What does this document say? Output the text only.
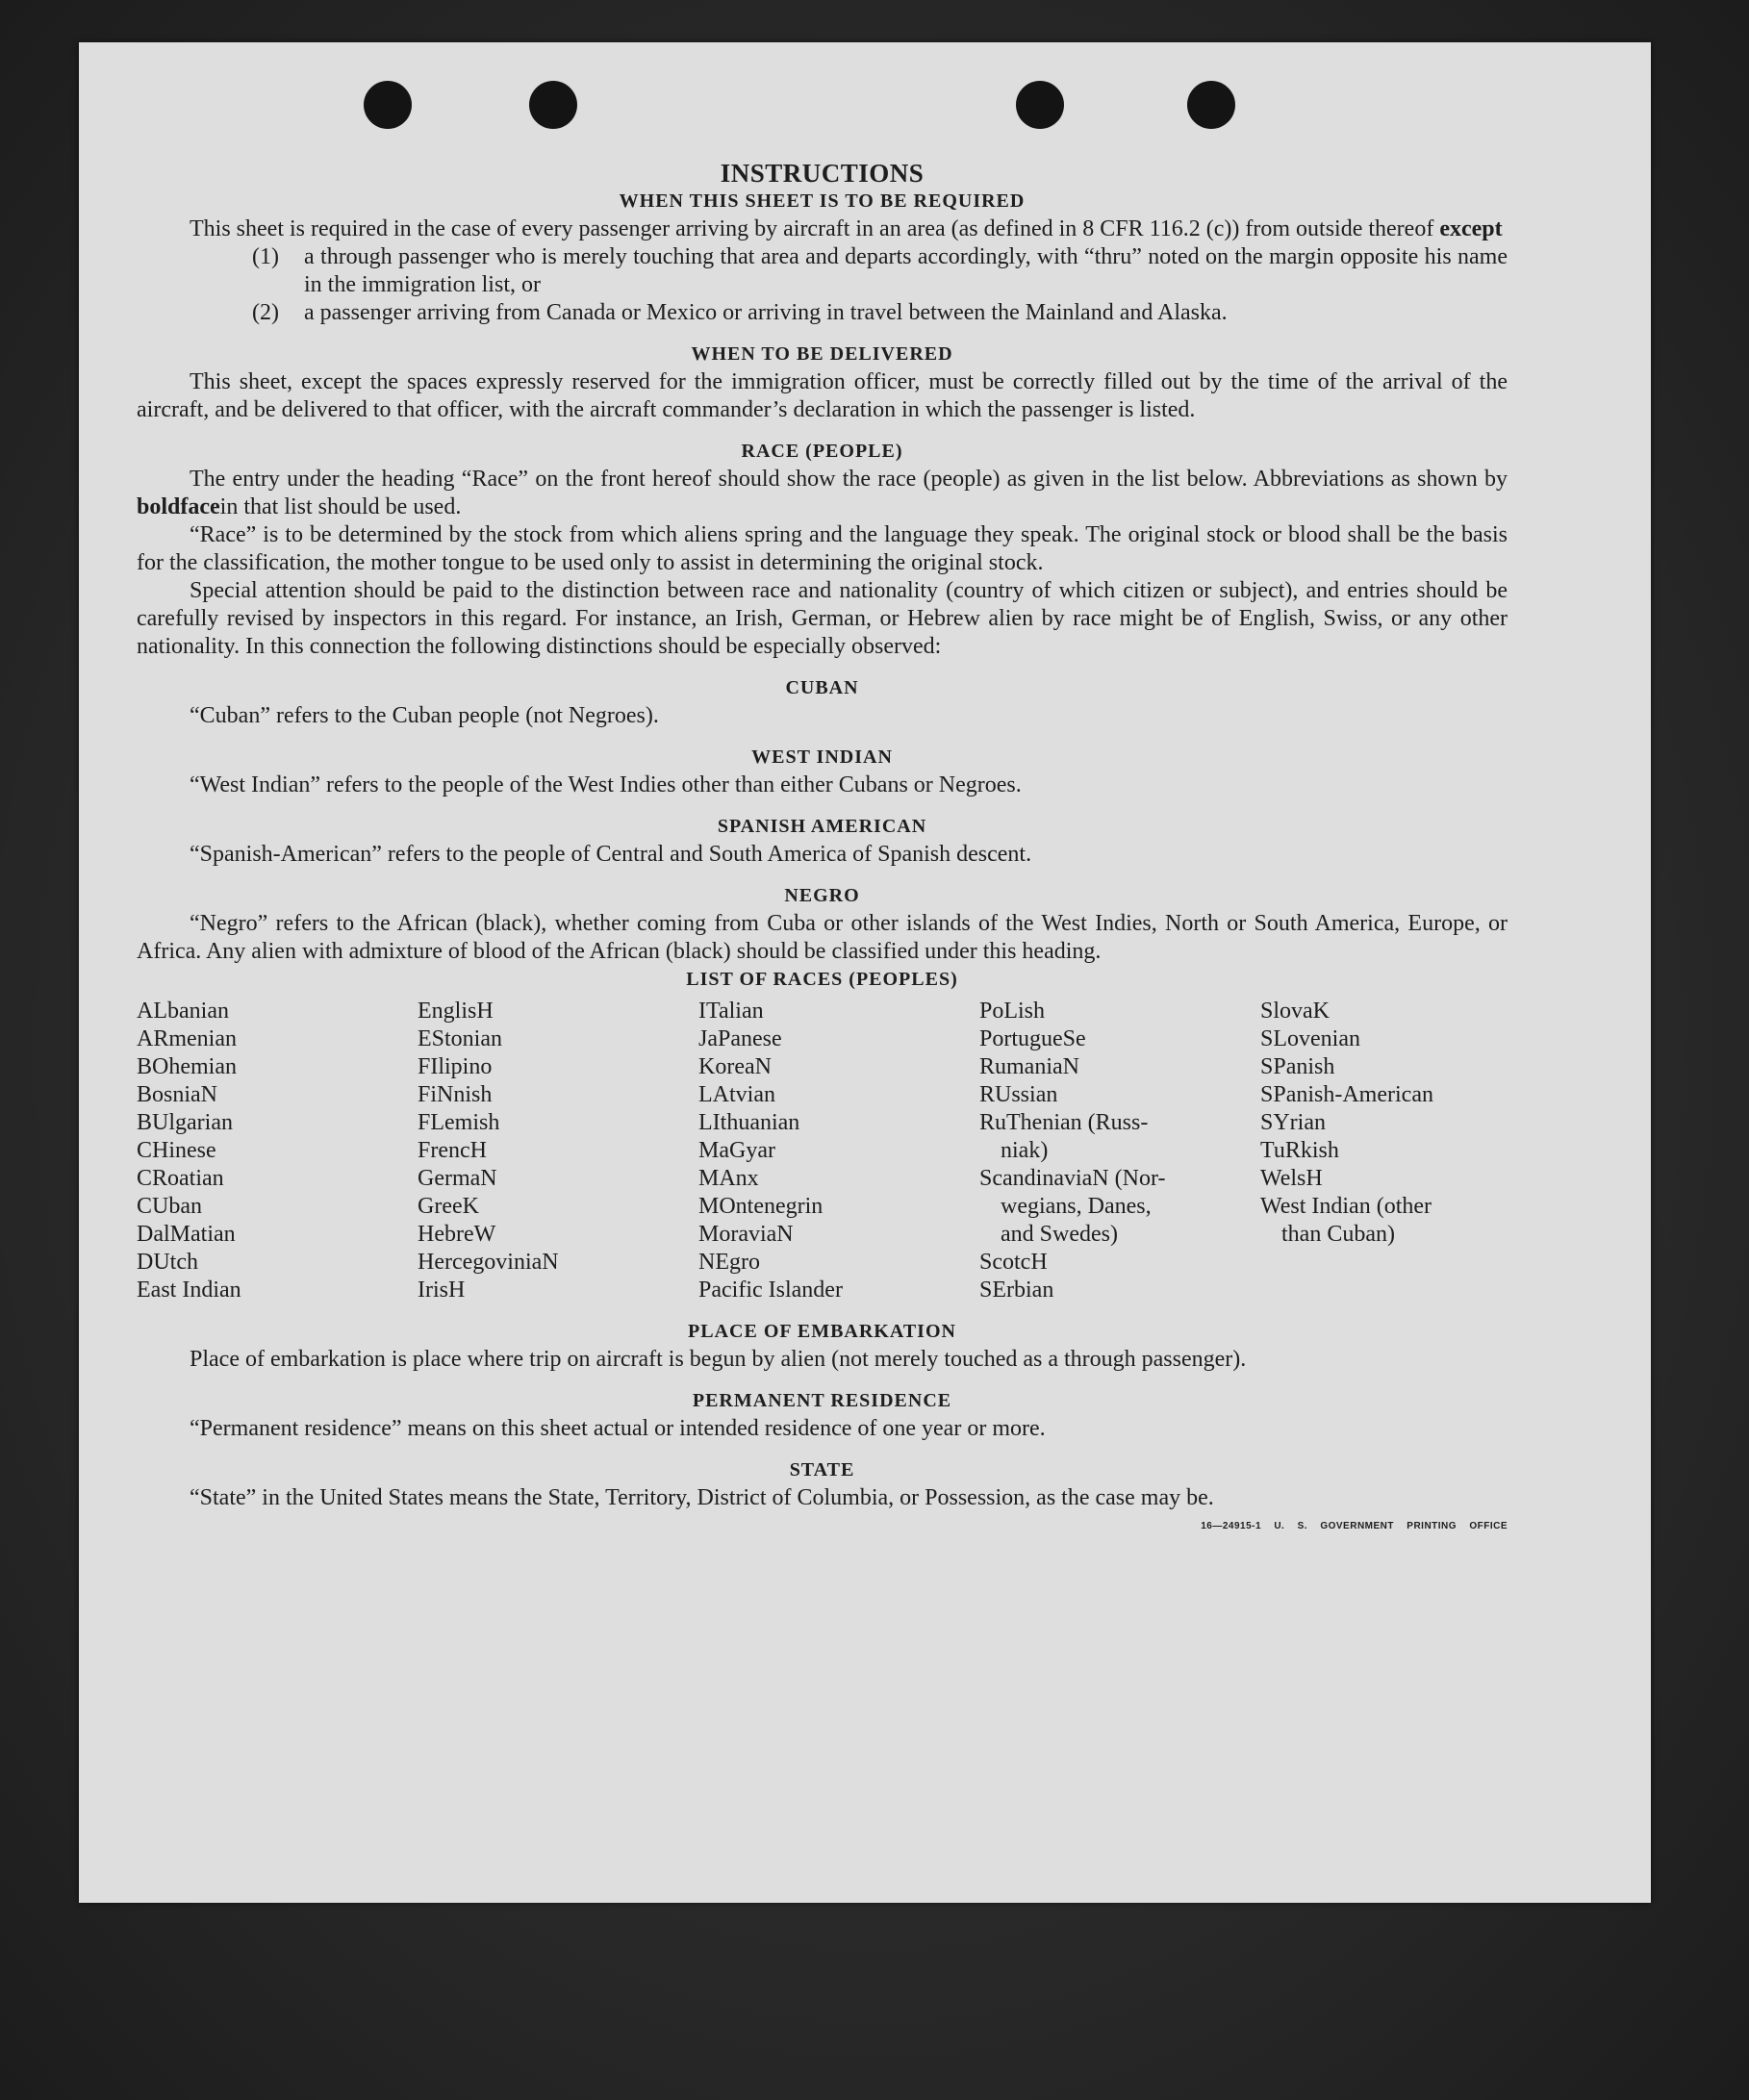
INSTRUCTIONS

WHEN THIS SHEET IS TO BE REQUIRED

This sheet is required in the case of every passenger arriving by aircraft in an area (as defined in 8 CFR 116.2 (c)) from outside thereof except

(1)	a through passenger who is merely touching that area and departs accordingly, with “thru” noted on the margin opposite his name in the immigration list, or
(2)	a passenger arriving from Canada or Mexico or arriving in travel between the Mainland and Alaska.

WHEN TO BE DELIVERED

This sheet, except the spaces expressly reserved for the immigration officer, must be correctly filled out by the time of the arrival of the aircraft, and be delivered to that officer, with the aircraft commander’s declaration in which the passenger is listed.

RACE (PEOPLE)

The entry under the heading “Race” on the front hereof should show the race (people) as given in the list below. Abbreviations as shown by boldfacein that list should be used.

“Race” is to be determined by the stock from which aliens spring and the language they speak. The original stock or blood shall be the basis for the classification, the mother tongue to be used only to assist in determining the original stock.

Special attention should be paid to the distinction between race and nationality (country of which citizen or subject), and entries should be carefully revised by inspectors in this regard. For instance, an Irish, German, or Hebrew alien by race might be of English, Swiss, or any other nationality. In this connection the following distinctions should be especially observed:

CUBAN

“Cuban” refers to the Cuban people (not Negroes).

WEST INDIAN

“West Indian” refers to the people of the West Indies other than either Cubans or Negroes.

SPANISH AMERICAN

“Spanish-American” refers to the people of Central and South America of Spanish descent.

NEGRO

“Negro” refers to the African (black), whether coming from Cuba or other islands of the West Indies, North or South America, Europe, or Africa. Any alien with admixture of blood of the African (black) should be classified under this heading.

LIST OF RACES (PEOPLES)

ALbanian
ARmenian
BOhemian
BosniaN
BUlgarian
CHinese
CRoatian
CUban
DalMatian
DUtch
East Indian
EnglisH
EStonian
FIlipino
FiNnish
FLemish
FrencH
GermaN
GreeK
HebreW
HercegoviniaN
IrisH
ITalian
JaPanese
KoreaN
LAtvian
LIthuanian
MaGyar
MAnx
MOntenegrin
MoraviaN
NEgro
Pacific Islander
PoLish
PortugueSe
RumaniaN
RUssian
RuThenian (Russ-
niak)
ScandinaviaN (Nor-
wegians, Danes,
and Swedes)
ScotcH
SErbian
SlovaK
SLovenian
SPanish
SPanish-American
SYrian
TuRkish
WelsH
West Indian (other
than Cuban)

PLACE OF EMBARKATION

Place of embarkation is place where trip on aircraft is begun by alien (not merely touched as a through passenger).

PERMANENT RESIDENCE

“Permanent residence” means on this sheet actual or intended residence of one year or more.

STATE

“State” in the United States means the State, Territory, District of Columbia, or Possession, as the case may be.

16—24915-1 U. S. GOVERNMENT PRINTING OFFICE
